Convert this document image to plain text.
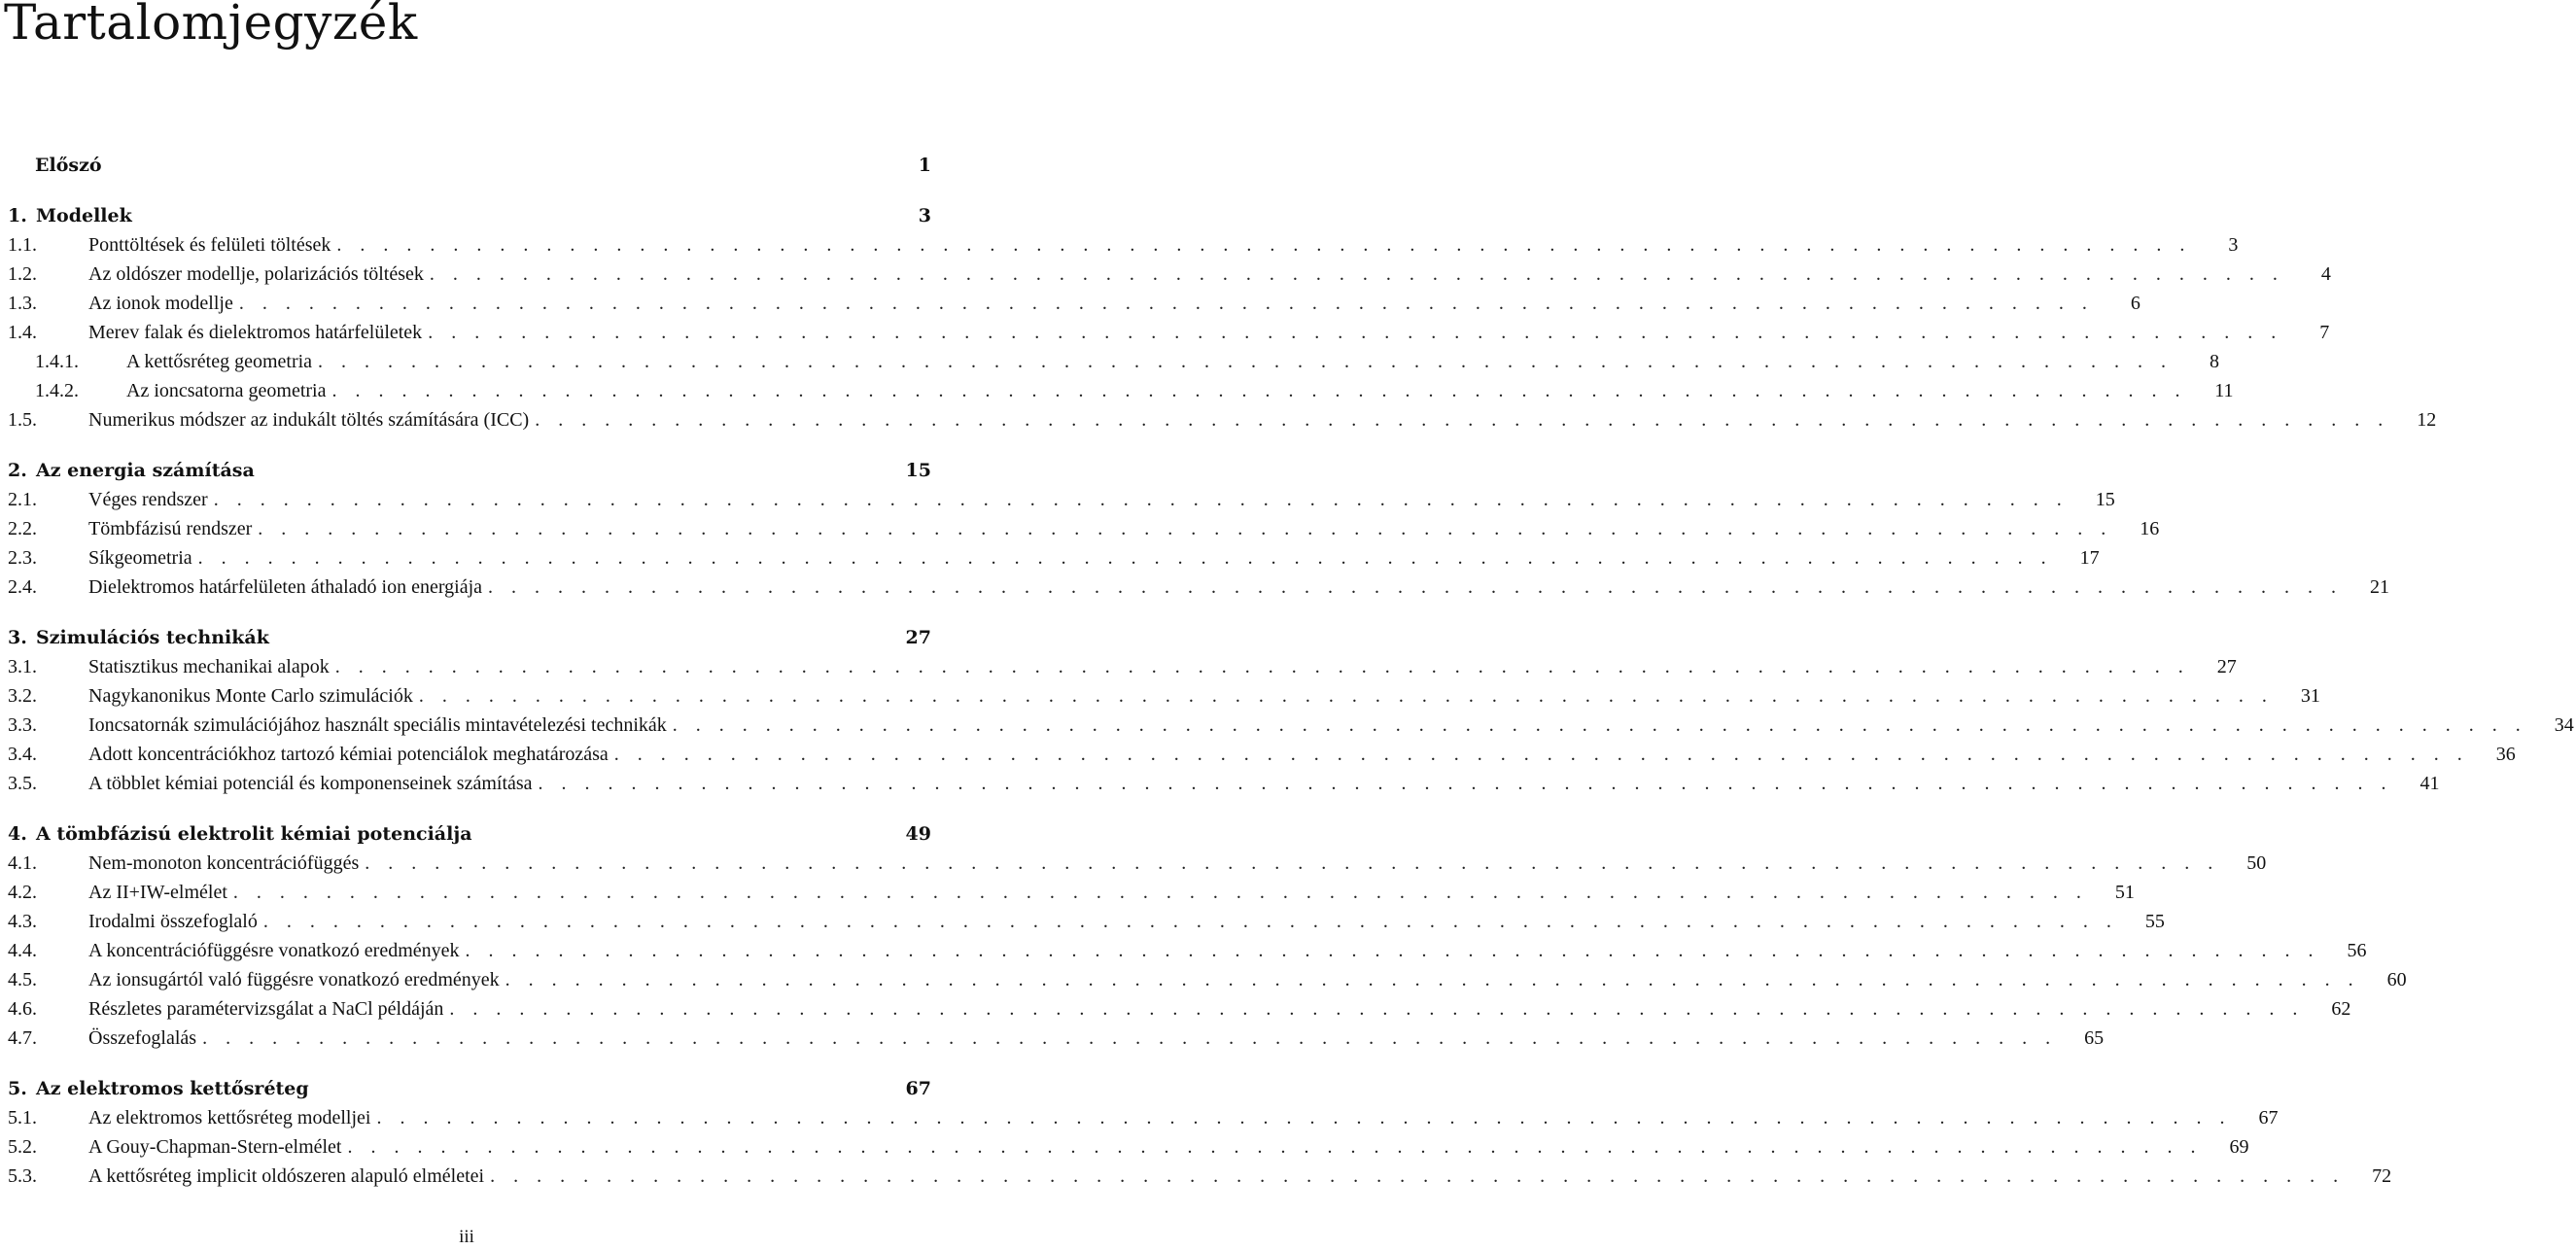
Tartalomjegyzék
Előszó	1
1. Modellek	3
1.1.	Ponttöltések és felületi töltések . . . . . . . . . . . . . . . . . . . . . . . . . . . . . . . . . . . . . . . . . . . . . . . . . . . . . . . . . . . . . . . . . . . . . . . . . . . . . . . .	3
1.2.	Az oldószer modellje, polarizációs töltések . . . . . . . . . . . . . . . . . . . . . . . . . . . . . . . . . . . . . . . . . . . . . . . . . . . . . . . . . . . . . . . . . . . . . . . . . . . . . . . .	4
1.3.	Az ionok modellje . . . . . . . . . . . . . . . . . . . . . . . . . . . . . . . . . . . . . . . . . . . . . . . . . . . . . . . . . . . . . . . . . . . . . . . . . . . . . . . .	6
1.4.	Merev falak és dielektromos határfelületek . . . . . . . . . . . . . . . . . . . . . . . . . . . . . . . . . . . . . . . . . . . . . . . . . . . . . . . . . . . . . . . . . . . . . . . . . . . . . . . .	7
1.4.1.	A kettősréteg geometria . . . . . . . . . . . . . . . . . . . . . . . . . . . . . . . . . . . . . . . . . . . . . . . . . . . . . . . . . . . . . . . . . . . . . . . . . . . . . . . .	8
1.4.2.	Az ioncsatorna geometria . . . . . . . . . . . . . . . . . . . . . . . . . . . . . . . . . . . . . . . . . . . . . . . . . . . . . . . . . . . . . . . . . . . . . . . . . . . . . . . .	11
1.5.	Numerikus módszer az indukált töltés számítására (ICC) . . . . . . . . . . . . . . . . . . . . . . . . . . . . . . . . . . . . . . . . . . . . . . . . . . . . . . . . . . . . . . . . . . . . . . . . . . . . . . . .	12
2. Az energia számítása	15
2.1.	Véges rendszer . . . . . . . . . . . . . . . . . . . . . . . . . . . . . . . . . . . . . . . . . . . . . . . . . . . . . . . . . . . . . . . . . . . . . . . . . . . . . . . .	15
2.2.	Tömbfázisú rendszer . . . . . . . . . . . . . . . . . . . . . . . . . . . . . . . . . . . . . . . . . . . . . . . . . . . . . . . . . . . . . . . . . . . . . . . . . . . . . . . .	16
2.3.	Síkgeometria . . . . . . . . . . . . . . . . . . . . . . . . . . . . . . . . . . . . . . . . . . . . . . . . . . . . . . . . . . . . . . . . . . . . . . . . . . . . . . . .	17
2.4.	Dielektromos határfelületen áthaladó ion energiája . . . . . . . . . . . . . . . . . . . . . . . . . . . . . . . . . . . . . . . . . . . . . . . . . . . . . . . . . . . . . . . . . . . . . . . . . . . . . . . .	21
3. Szimulációs technikák	27
3.1.	Statisztikus mechanikai alapok . . . . . . . . . . . . . . . . . . . . . . . . . . . . . . . . . . . . . . . . . . . . . . . . . . . . . . . . . . . . . . . . . . . . . . . . . . . . . . . .	27
3.2.	Nagykanonikus Monte Carlo szimulációk . . . . . . . . . . . . . . . . . . . . . . . . . . . . . . . . . . . . . . . . . . . . . . . . . . . . . . . . . . . . . . . . . . . . . . . . . . . . . . . .	31
3.3.	Ioncsatornák szimulációjához használt speciális mintavételezési technikák . . . . . . . . . . . . . . . . . . . . . . . . . . . . . . . . . . . . . . . . . . . . . . . . . . . . . . . . . . . . . . . . . . . . . . . . . . . . . . . .	34
3.4.	Adott koncentrációkhoz tartozó kémiai potenciálok meghatározása . . . . . . . . . . . . . . . . . . . . . . . . . . . . . . . . . . . . . . . . . . . . . . . . . . . . . . . . . . . . . . . . . . . . . . . . . . . . . . . .	36
3.5.	A többlet kémiai potenciál és komponenseinek számítása . . . . . . . . . . . . . . . . . . . . . . . . . . . . . . . . . . . . . . . . . . . . . . . . . . . . . . . . . . . . . . . . . . . . . . . . . . . . . . . .	41
4. A tömbfázisú elektrolit kémiai potenciálja	49
4.1.	Nem-monoton koncentrációfüggés . . . . . . . . . . . . . . . . . . . . . . . . . . . . . . . . . . . . . . . . . . . . . . . . . . . . . . . . . . . . . . . . . . . . . . . . . . . . . . . .	50
4.2.	Az II+IW-elmélet . . . . . . . . . . . . . . . . . . . . . . . . . . . . . . . . . . . . . . . . . . . . . . . . . . . . . . . . . . . . . . . . . . . . . . . . . . . . . . . .	51
4.3.	Irodalmi összefoglaló . . . . . . . . . . . . . . . . . . . . . . . . . . . . . . . . . . . . . . . . . . . . . . . . . . . . . . . . . . . . . . . . . . . . . . . . . . . . . . . .	55
4.4.	A koncentrációfüggésre vonatkozó eredmények . . . . . . . . . . . . . . . . . . . . . . . . . . . . . . . . . . . . . . . . . . . . . . . . . . . . . . . . . . . . . . . . . . . . . . . . . . . . . . . .	56
4.5.	Az ionsugártól való függésre vonatkozó eredmények . . . . . . . . . . . . . . . . . . . . . . . . . . . . . . . . . . . . . . . . . . . . . . . . . . . . . . . . . . . . . . . . . . . . . . . . . . . . . . . .	60
4.6.	Részletes paramétervizsgálat a NaCl példáján . . . . . . . . . . . . . . . . . . . . . . . . . . . . . . . . . . . . . . . . . . . . . . . . . . . . . . . . . . . . . . . . . . . . . . . . . . . . . . . .	62
4.7.	Összefoglalás . . . . . . . . . . . . . . . . . . . . . . . . . . . . . . . . . . . . . . . . . . . . . . . . . . . . . . . . . . . . . . . . . . . . . . . . . . . . . . . .	65
5. Az elektromos kettősréteg	67
5.1.	Az elektromos kettősréteg modelljei . . . . . . . . . . . . . . . . . . . . . . . . . . . . . . . . . . . . . . . . . . . . . . . . . . . . . . . . . . . . . . . . . . . . . . . . . . . . . . . .	67
5.2.	A Gouy-Chapman-Stern-elmélet . . . . . . . . . . . . . . . . . . . . . . . . . . . . . . . . . . . . . . . . . . . . . . . . . . . . . . . . . . . . . . . . . . . . . . . . . . . . . . . .	69
5.3.	A kettősréteg implicit oldószeren alapuló elméletei . . . . . . . . . . . . . . . . . . . . . . . . . . . . . . . . . . . . . . . . . . . . . . . . . . . . . . . . . . . . . . . . . . . . . . . . . . . . . . . .	72
iii
